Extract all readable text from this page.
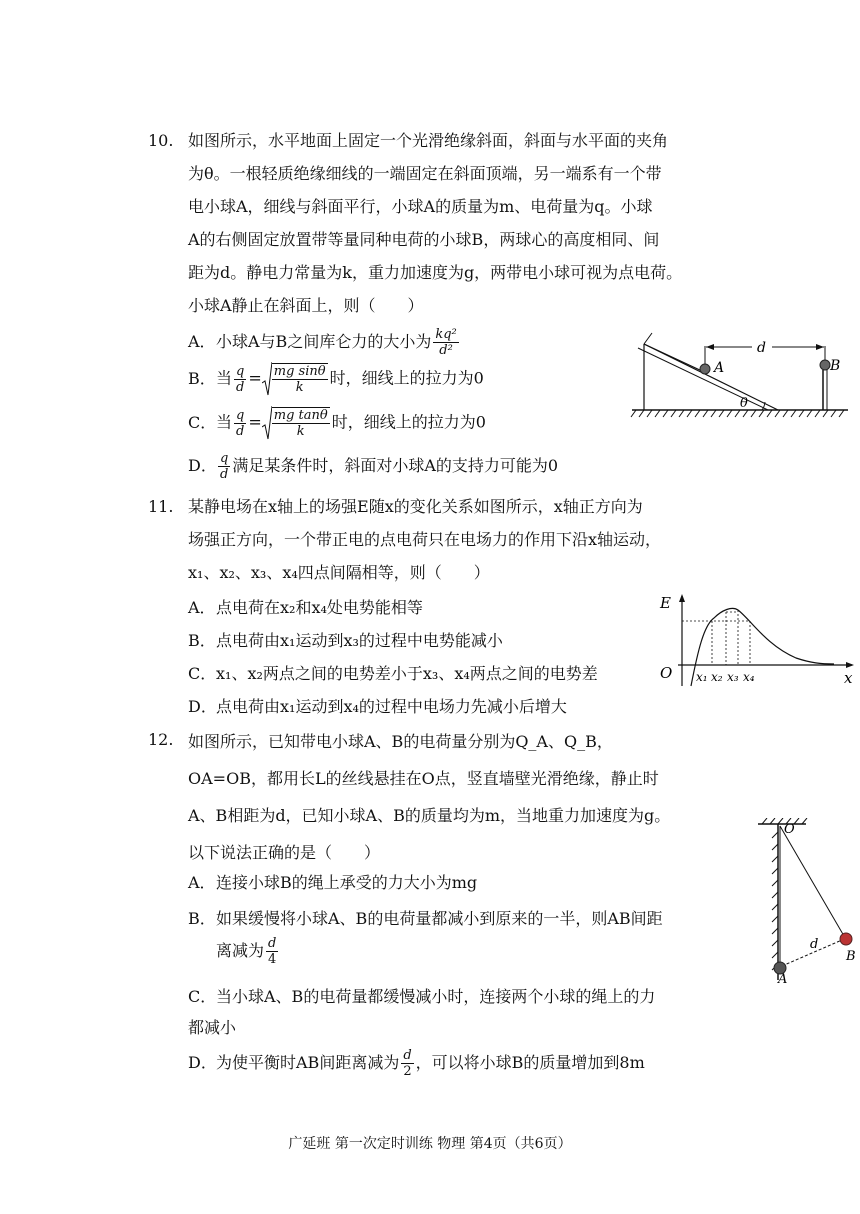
10. 如图所示，水平地面上固定一个光滑绝缘斜面，斜面与水平面的夹角
为θ。一根轻质绝缘细线的一端固定在斜面顶端，另一端系有一个带
电小球A，细线与斜面平行，小球A的质量为m、电荷量为q。小球
A的右侧固定放置带等量同种电荷的小球B，两球心的高度相同、间
距为d。静电力常量为k，重力加速度为g，两带电小球可视为点电荷。
小球A静止在斜面上，则（　　）
A．小球A与B之间库仑力的大小为 $\frac{\text{kq²}}{\text{d²}}$
B．当 $\frac{q}{d} = \frac{\text{mg sinθ}}{k}$ 时，细线上的拉力为0
C．当 $\frac{q}{d} = \frac{\text{mg tanθ}}{k}$ 时，细线上的拉力为0
D． $\frac{q}{d}$ 满足某条件时，斜面对小球A的支持力可能为0
A	B
d
θ
11. 某静电场在x轴上的场强E随x的变化关系如图所示，x轴正方向为
场强正方向，一个带正电的点电荷只在电场力的作用下沿x轴运动，
x₁、x₂、x₃、x₄四点间隔相等，则（　　）
A．点电荷在x₂和x₄处电势能相等
B．点电荷由x₁运动到x₃的过程中电势能减小
C．x₁、x₂两点之间的电势差小于x₃、x₄两点之间的电势差
D．点电荷由x₁运动到x₄的过程中电场力先减小后增大
E
O	x
x₁ x₂ x₃ x₄
12. 如图所示，已知带电小球A、B的电荷量分别为Q_A、Q_B，
OA=OB，都用长L的丝线悬挂在O点，竖直墙壁光滑绝缘，静止时
A、B相距为d，已知小球A、B的质量均为m，当地重力加速度为g。
以下说法正确的是（　　）
A．连接小球B的绳上承受的力大小为mg
B．如果缓慢将小球A、B的电荷量都减小到原来的一半，则AB间距
离减为 $\frac{d}{4}$
C．当小球A、B的电荷量都缓慢减小时，连接两个小球的绳上的力
都减小
D．为使平衡时AB间距离减为 $\frac{d}{2}$ ，可以将小球B的质量增加到8m
O
A
B
d
广延班 第一次定时训练 物理 第4页（共6页）
